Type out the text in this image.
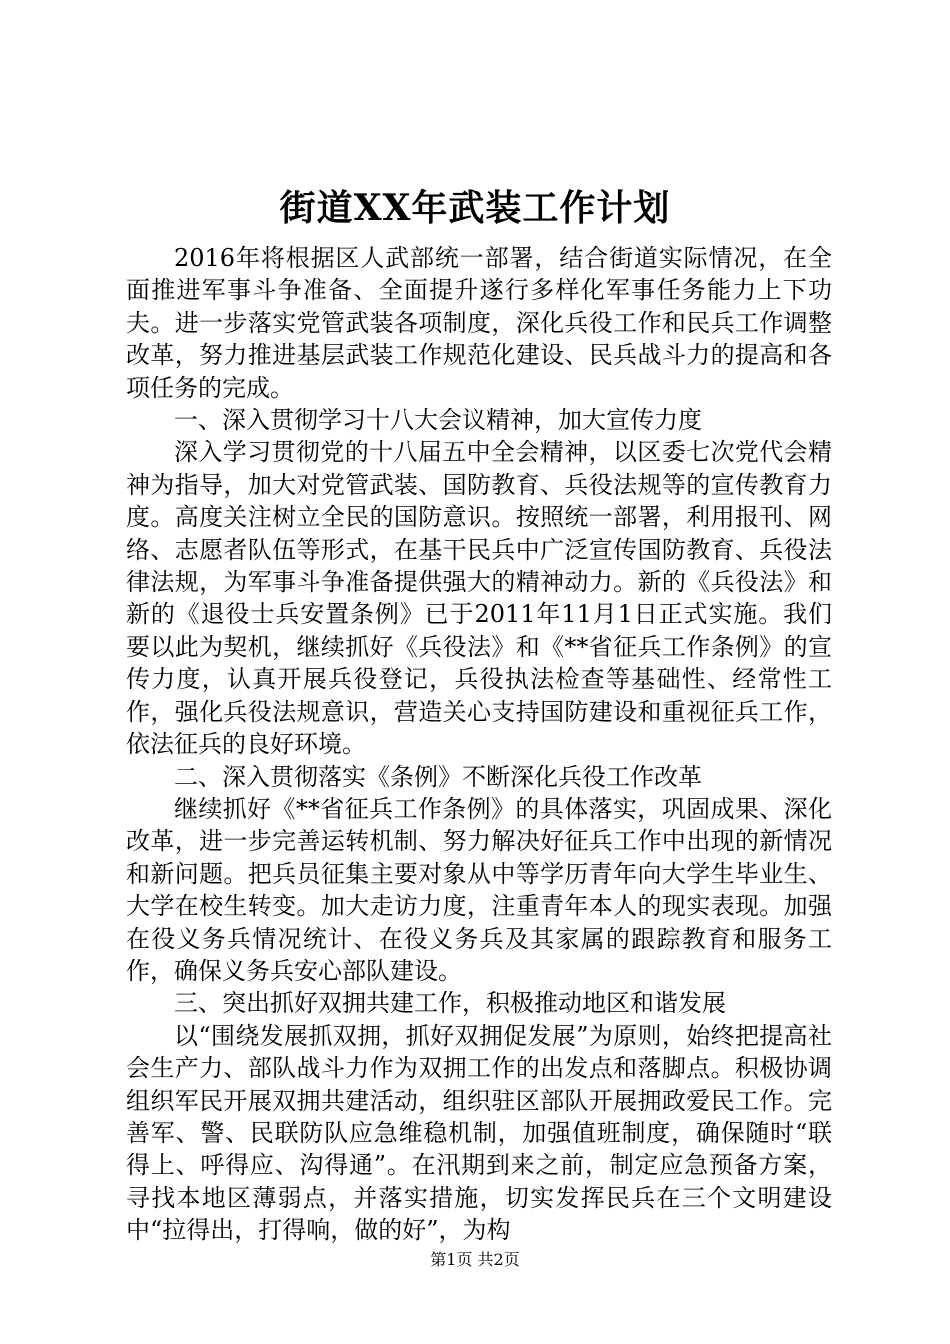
街道XX年武装工作计划

2016年将根据区人武部统一部署，结合街道实际情况，在全面推进军事斗争准备、全面提升遂行多样化军事任务能力上下功夫。进一步落实党管武装各项制度，深化兵役工作和民兵工作调整改革，努力推进基层武装工作规范化建设、民兵战斗力的提高和各项任务的完成。

一、深入贯彻学习十八大会议精神，加大宣传力度

深入学习贯彻党的十八届五中全会精神，以区委七次党代会精神为指导，加大对党管武装、国防教育、兵役法规等的宣传教育力度。高度关注树立全民的国防意识。按照统一部署，利用报刊、网络、志愿者队伍等形式，在基干民兵中广泛宣传国防教育、兵役法律法规，为军事斗争准备提供强大的精神动力。新的《兵役法》和新的《退役士兵安置条例》已于2011年11月1日正式实施。我们要以此为契机，继续抓好《兵役法》和《**省征兵工作条例》的宣传力度，认真开展兵役登记，兵役执法检查等基础性、经常性工作，强化兵役法规意识，营造关心支持国防建设和重视征兵工作，依法征兵的良好环境。

二、深入贯彻落实《条例》不断深化兵役工作改革

继续抓好《**省征兵工作条例》的具体落实，巩固成果、深化改革，进一步完善运转机制、努力解决好征兵工作中出现的新情况和新问题。把兵员征集主要对象从中等学历青年向大学生毕业生、大学在校生转变。加大走访力度，注重青年本人的现实表现。加强在役义务兵情况统计、在役义务兵及其家属的跟踪教育和服务工作，确保义务兵安心部队建设。

三、突出抓好双拥共建工作，积极推动地区和谐发展

以“围绕发展抓双拥，抓好双拥促发展”为原则，始终把提高社会生产力、部队战斗力作为双拥工作的出发点和落脚点。积极协调组织军民开展双拥共建活动，组织驻区部队开展拥政爱民工作。完善军、警、民联防队应急维稳机制，加强值班制度，确保随时“联得上、呼得应、沟得通”。在汛期到来之前，制定应急预备方案，寻找本地区薄弱点，并落实措施，切实发挥民兵在三个文明建设中“拉得出，打得响，做的好”，为构

第1页 共2页
